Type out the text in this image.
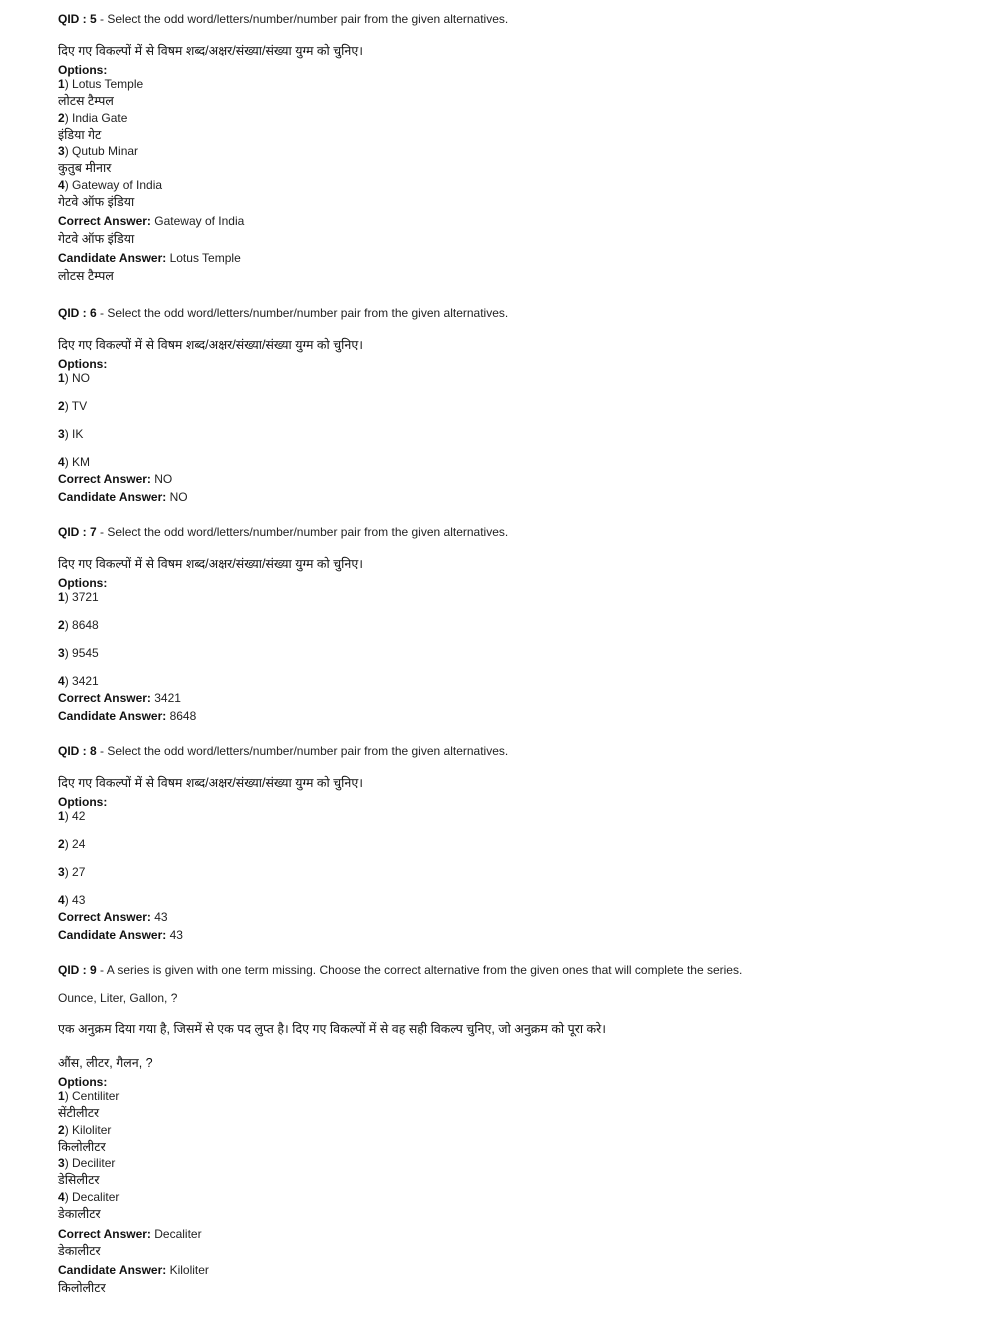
QID : 5 - Select the odd word/letters/number/number pair from the given alternatives.
दिए गए विकल्पों में से विषम शब्द/अक्षर/संख्या/संख्या युग्म को चुनिए।
Options:
1) Lotus Temple
लोटस टैम्पल
2) India Gate
इंडिया गेट
3) Qutub Minar
कुतुब मीनार
4) Gateway of India
गेटवे ऑफ इंडिया
Correct Answer: Gateway of India
गेटवे ऑफ इंडिया
Candidate Answer: Lotus Temple
लोटस टैम्पल
QID : 6 - Select the odd word/letters/number/number pair from the given alternatives.
दिए गए विकल्पों में से विषम शब्द/अक्षर/संख्या/संख्या युग्म को चुनिए।
Options:
1) NO
2) TV
3) IK
4) KM
Correct Answer: NO
Candidate Answer: NO
QID : 7 - Select the odd word/letters/number/number pair from the given alternatives.
दिए गए विकल्पों में से विषम शब्द/अक्षर/संख्या/संख्या युग्म को चुनिए।
Options:
1) 3721
2) 8648
3) 9545
4) 3421
Correct Answer: 3421
Candidate Answer: 8648
QID : 8 - Select the odd word/letters/number/number pair from the given alternatives.
दिए गए विकल्पों में से विषम शब्द/अक्षर/संख्या/संख्या युग्म को चुनिए।
Options:
1) 42
2) 24
3) 27
4) 43
Correct Answer: 43
Candidate Answer: 43
QID : 9 - A series is given with one term missing. Choose the correct alternative from the given ones that will complete the series.
Ounce, Liter, Gallon, ?
एक अनुक्रम दिया गया है, जिसमें से एक पद लुप्त है। दिए गए विकल्पों में से वह सही विकल्प चुनिए, जो अनुक्रम को पूरा करे।
औंस, लीटर, गैलन, ?
Options:
1) Centiliter
सेंटीलीटर
2) Kiloliter
किलोलीटर
3) Deciliter
डेसिलीटर
4) Decaliter
डेकालीटर
Correct Answer: Decaliter
डेकालीटर
Candidate Answer: Kiloliter
किलोलीटर
